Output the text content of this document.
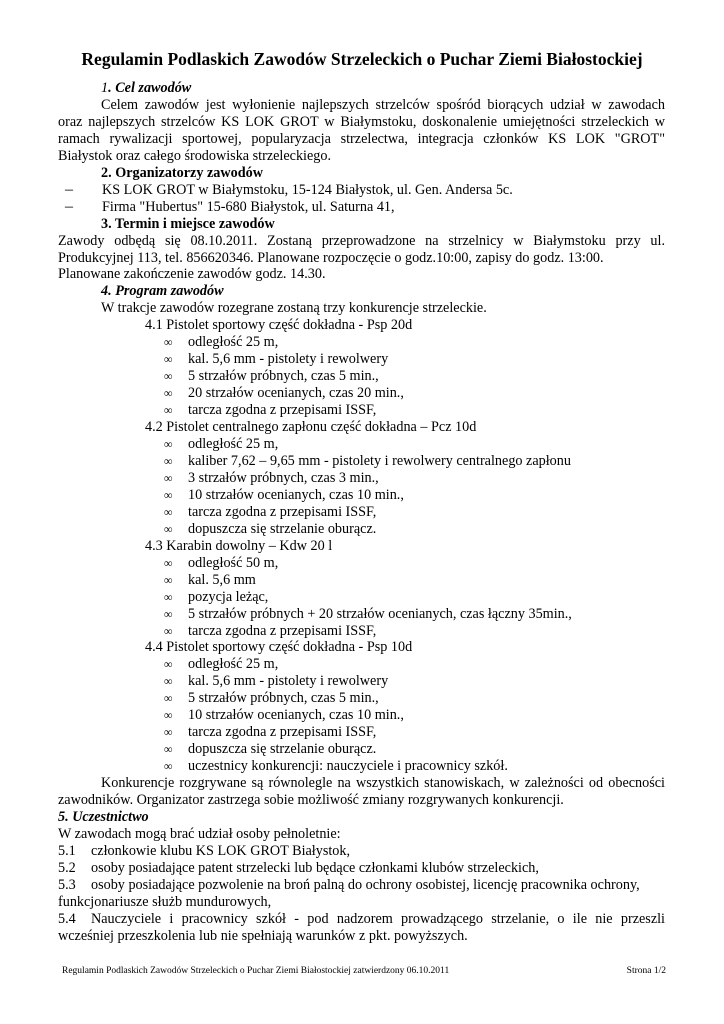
Regulamin Podlaskich Zawodów Strzeleckich o Puchar Ziemi Białostockiej

1. Cel zawodów

Celem zawodów jest wyłonienie najlepszych strzelców spośród biorących udział w zawodach

oraz najlepszych strzelców KS LOK GROT w Białymstoku, doskonalenie umiejętności strzeleckich w

ramach rywalizacji sportowej, popularyzacja strzelectwa, integracja członków KS LOK "GROT"

Białystok oraz całego środowiska strzeleckiego.

2. Organizatorzy zawodów

–	KS LOK GROT w Białymstoku, 15-124 Białystok, ul. Gen. Andersa 5c.
–	Firma "Hubertus" 15-680 Białystok, ul. Saturna 41,

3. Termin i miejsce zawodów

Zawody odbędą się 08.10.2011. Zostaną przeprowadzone na strzelnicy w Białymstoku przy ul.

Produkcyjnej 113, tel. 856620346. Planowane rozpoczęcie o godz.10:00, zapisy do godz. 13:00.

Planowane zakończenie zawodów godz. 14.30.

4. Program zawodów

W trakcje zawodów rozegrane zostaną trzy konkurencje strzeleckie.

4.1 Pistolet sportowy część dokładna - Psp 20d

∞	odległość 25 m,
∞	kal. 5,6 mm - pistolety i rewolwery
∞	5 strzałów próbnych, czas 5 min.,
∞	20 strzałów ocenianych, czas 20 min.,
∞	tarcza zgodna z przepisami ISSF,

4.2 Pistolet centralnego zapłonu część dokładna – Pcz 10d

∞	odległość 25 m,
∞	kaliber 7,62 – 9,65 mm - pistolety i rewolwery centralnego zapłonu
∞	3 strzałów próbnych, czas 3 min.,
∞	10 strzałów ocenianych, czas 10 min.,
∞	tarcza zgodna z przepisami ISSF,
∞	dopuszcza się strzelanie oburącz.

4.3 Karabin dowolny – Kdw 20 l

∞	odległość 50 m,
∞	kal. 5,6 mm
∞	pozycja leżąc,
∞	5 strzałów próbnych + 20 strzałów ocenianych, czas łączny 35min.,
∞	tarcza zgodna z przepisami ISSF,

4.4 Pistolet sportowy część dokładna - Psp 10d

∞	odległość 25 m,
∞	kal. 5,6 mm - pistolety i rewolwery
∞	5 strzałów próbnych, czas 5 min.,
∞	10 strzałów ocenianych, czas 10 min.,
∞	tarcza zgodna z przepisami ISSF,
∞	dopuszcza się strzelanie oburącz.
∞	uczestnicy konkurencji: nauczyciele i pracownicy szkół.

Konkurencje rozgrywane są równolegle na wszystkich stanowiskach, w zależności od obecności

zawodników. Organizator zastrzega sobie możliwość zmiany rozgrywanych konkurencji.

5. Uczestnictwo

W zawodach mogą brać udział osoby pełnoletnie:

5.1	członkowie klubu KS LOK GROT Białystok,
5.2	osoby posiadające patent strzelecki lub będące członkami klubów strzeleckich,
5.3	osoby posiadające pozwolenie na broń palną do ochrony osobistej, licencję pracownika ochrony,

funkcjonariusze służb mundurowych,

5.4	Nauczyciele i pracownicy szkół - pod nadzorem prowadzącego strzelanie, o ile nie przeszli

wcześniej przeszkolenia lub nie spełniają warunków z pkt. powyższych.

Regulamin Podlaskich Zawodów Strzeleckich o Puchar Ziemi Białostockiej zatwierdzony 06.10.2011	Strona 1/2
